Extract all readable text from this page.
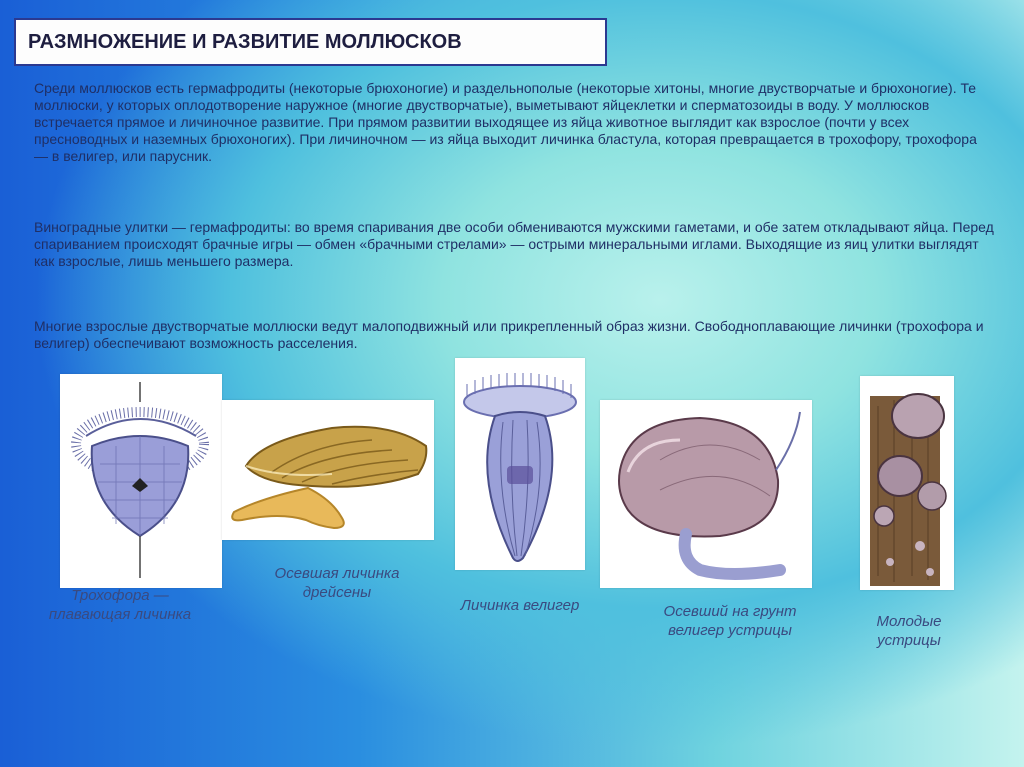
РАЗМНОЖЕНИЕ И РАЗВИТИЕ МОЛЛЮСКОВ

Среди моллюсков есть гермафродиты (некоторые брюхоногие) и раздельнополые (некоторые хитоны, многие двустворчатые и брюхоногие). Те моллюски, у которых оплодотворение наружное (многие двустворчатые), выметывают яйцеклетки и сперматозоиды в воду. У моллюсков встречается прямое и личиночное развитие. При прямом развитии выходящее из яйца животное выглядит как взрослое (почти у всех пресноводных и наземных брюхоногих). При личиночном — из яйца выходит личинка бластула, которая превращается в трохофору, трохофора — в велигер, или парусник.

Виноградные улитки — гермафродиты: во время спаривания две особи обмениваются мужскими гаметами, и обе затем откладывают яйца. Перед спариванием происходят брачные игры — обмен «брачными стрелами» — острыми минеральными иглами. Выходящие из яиц улитки выглядят как взрослые, лишь меньшего размера.

Многие взрослые двустворчатые моллюски ведут малоподвижный или прикрепленный образ жизни. Свободноплавающие личинки (трохофора и велигер) обеспечивают возможность расселения.

Трохофора — плавающая личинка

Осевшая личинка дрейсены

Личинка велигер	Осевший на грунт велигер устрицы

Молодые устрицы
